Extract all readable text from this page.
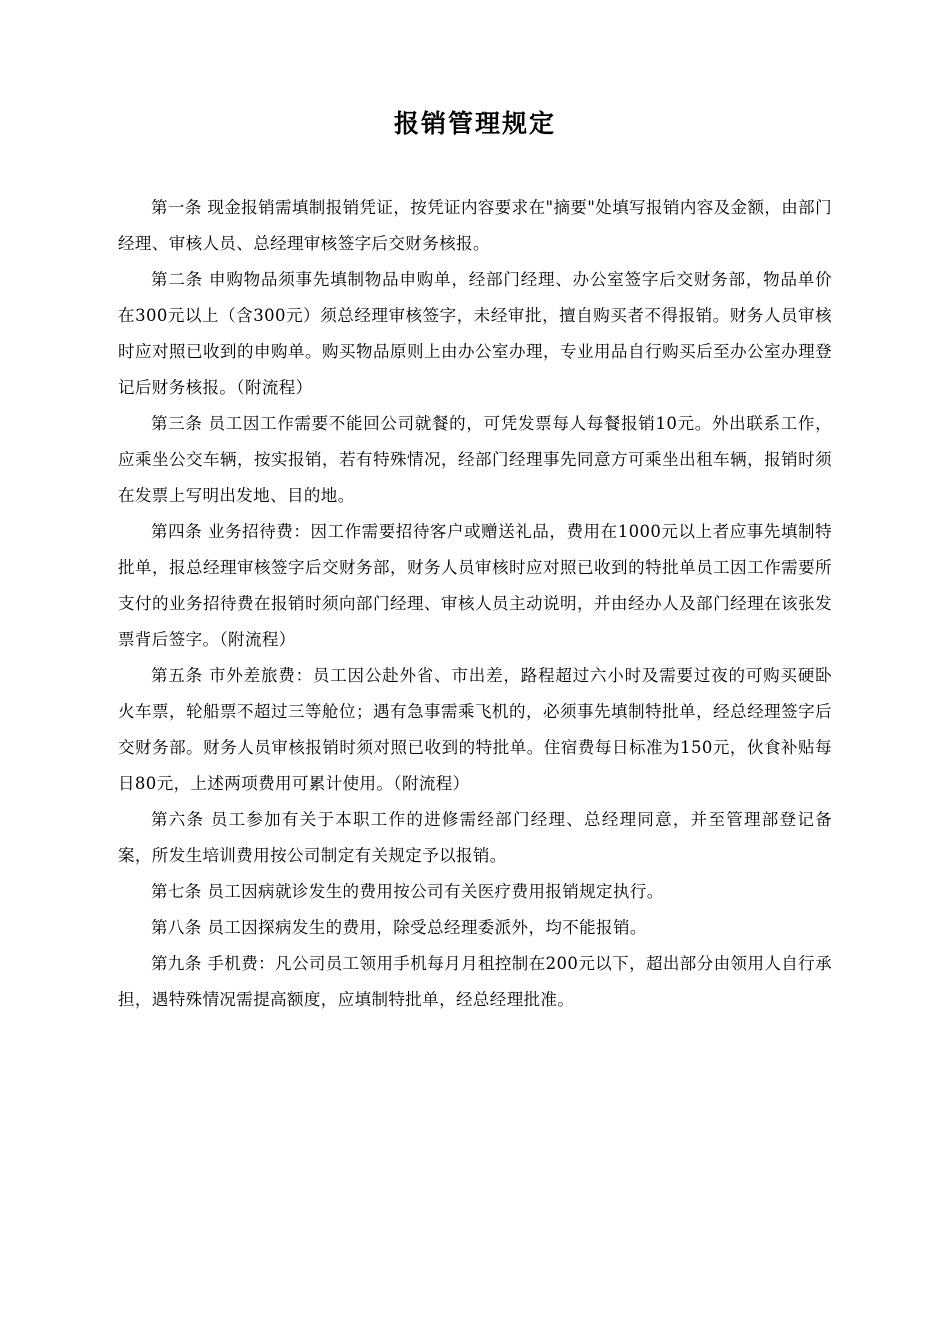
报销管理规定

第一条 现金报销需填制报销凭证，按凭证内容要求在"摘要"处填写报销内容及金额，由部门经理、审核人员、总经理审核签字后交财务核报。

第二条 申购物品须事先填制物品申购单，经部门经理、办公室签字后交财务部，物品单价在300元以上（含300元）须总经理审核签字，未经审批，擅自购买者不得报销。财务人员审核时应对照已收到的申购单。购买物品原则上由办公室办理，专业用品自行购买后至办公室办理登记后财务核报。（附流程）

第三条 员工因工作需要不能回公司就餐的，可凭发票每人每餐报销10元。外出联系工作，应乘坐公交车辆，按实报销，若有特殊情况，经部门经理事先同意方可乘坐出租车辆，报销时须在发票上写明出发地、目的地。

第四条 业务招待费：因工作需要招待客户或赠送礼品，费用在1000元以上者应事先填制特批单，报总经理审核签字后交财务部，财务人员审核时应对照已收到的特批单员工因工作需要所支付的业务招待费在报销时须向部门经理、审核人员主动说明，并由经办人及部门经理在该张发票背后签字。（附流程）

第五条 市外差旅费：员工因公赴外省、市出差，路程超过六小时及需要过夜的可购买硬卧火车票，轮船票不超过三等舱位；遇有急事需乘飞机的，必须事先填制特批单，经总经理签字后交财务部。财务人员审核报销时须对照已收到的特批单。住宿费每日标准为150元，伙食补贴每日80元，上述两项费用可累计使用。（附流程）

第六条 员工参加有关于本职工作的进修需经部门经理、总经理同意，并至管理部登记备案，所发生培训费用按公司制定有关规定予以报销。

第七条 员工因病就诊发生的费用按公司有关医疗费用报销规定执行。

第八条 员工因探病发生的费用，除受总经理委派外，均不能报销。

第九条 手机费：凡公司员工领用手机每月月租控制在200元以下，超出部分由领用人自行承担，遇特殊情况需提高额度，应填制特批单，经总经理批准。
